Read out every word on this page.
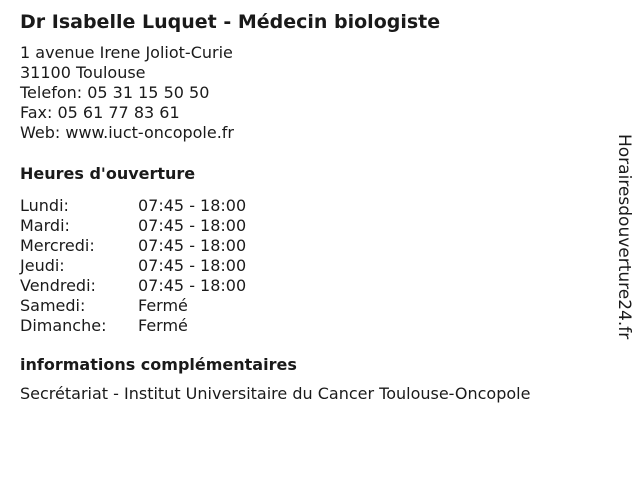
Dr Isabelle Luquet - Médecin biologiste
1 avenue Irene Joliot-Curie
31100 Toulouse
Telefon: 05 31 15 50 50
Fax: 05 61 77 83 61
Web: www.iuct-oncopole.fr
Heures d'ouverture
Lundi:	07:45 - 18:00
Mardi:	07:45 - 18:00
Mercredi:	07:45 - 18:00
Jeudi:	07:45 - 18:00
Vendredi:	07:45 - 18:00
Samedi:	Fermé
Dimanche:	Fermé
informations complémentaires
Secrétariat - Institut Universitaire du Cancer Toulouse-Oncopole
Horairesdouverture24.fr
